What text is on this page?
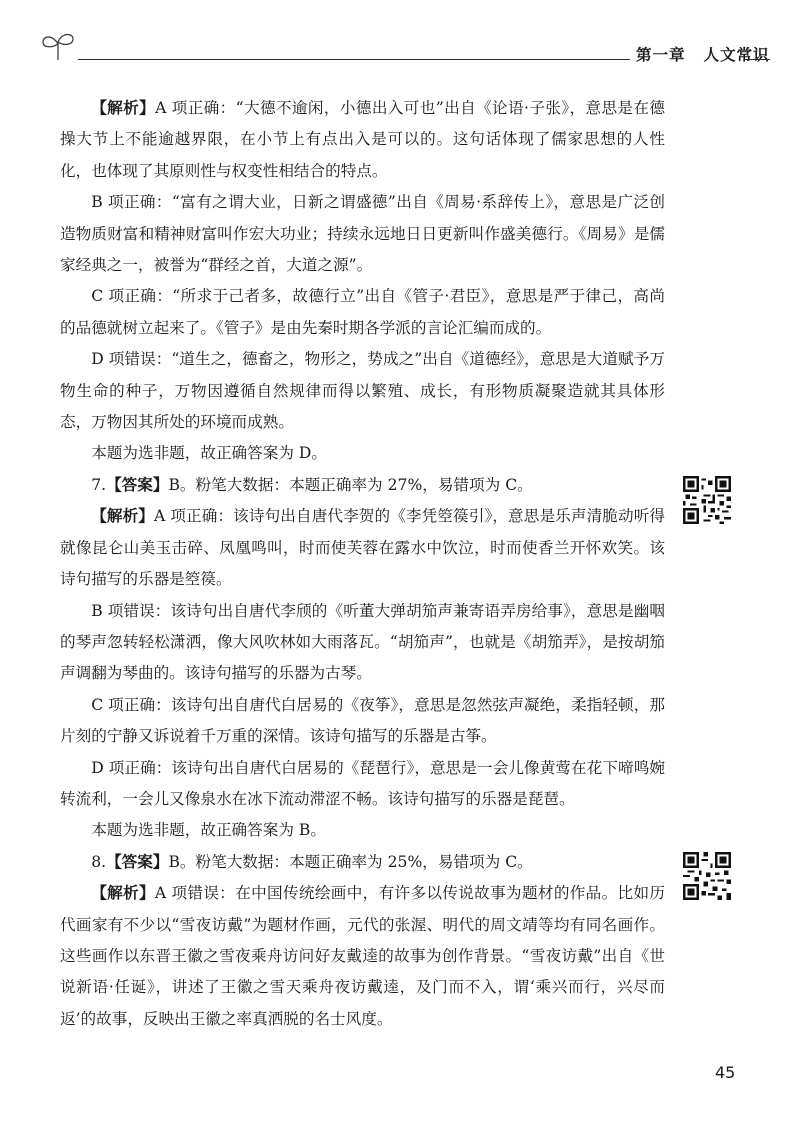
第一章 人文常识

【解析】A 项正确：“大德不逾闲，小德出入可也”出自《论语·子张》，意思是在德操大节上不能逾越界限，在小节上有点出入是可以的。这句话体现了儒家思想的人性化，也体现了其原则性与权变性相结合的特点。

B 项正确：“富有之谓大业，日新之谓盛德”出自《周易·系辞传上》，意思是广泛创造物质财富和精神财富叫作宏大功业；持续永远地日日更新叫作盛美德行。《周易》是儒家经典之一，被誉为“群经之首，大道之源”。

C 项正确：“所求于己者多，故德行立”出自《管子·君臣》，意思是严于律己，高尚的品德就树立起来了。《管子》是由先秦时期各学派的言论汇编而成的。

D 项错误：“道生之，德畜之，物形之，势成之”出自《道德经》，意思是大道赋予万物生命的种子，万物因遵循自然规律而得以繁殖、成长，有形物质凝聚造就其具体形态，万物因其所处的环境而成熟。

本题为选非题，故正确答案为 D。

7.【答案】B。粉笔大数据：本题正确率为 27%，易错项为 C。

【解析】A 项正确：该诗句出自唐代李贺的《李凭箜篌引》，意思是乐声清脆动听得就像昆仑山美玉击碎、凤凰鸣叫，时而使芙蓉在露水中饮泣，时而使香兰开怀欢笑。该诗句描写的乐器是箜篌。

B 项错误：该诗句出自唐代李颀的《听董大弹胡笳声兼寄语弄房给事》，意思是幽咽的琴声忽转轻松潇洒，像大风吹林如大雨落瓦。“胡笳声”，也就是《胡笳弄》，是按胡笳声调翻为琴曲的。该诗句描写的乐器为古琴。

C 项正确：该诗句出自唐代白居易的《夜筝》，意思是忽然弦声凝绝，柔指轻顿，那片刻的宁静又诉说着千万重的深情。该诗句描写的乐器是古筝。

D 项正确：该诗句出自唐代白居易的《琵琶行》，意思是一会儿像黄莺在花下啼鸣婉转流利，一会儿又像泉水在冰下流动滞涩不畅。该诗句描写的乐器是琵琶。

本题为选非题，故正确答案为 B。

8.【答案】B。粉笔大数据：本题正确率为 25%，易错项为 C。

【解析】A 项错误：在中国传统绘画中，有许多以传说故事为题材的作品。比如历代画家有不少以“雪夜访戴”为题材作画，元代的张渥、明代的周文靖等均有同名画作。这些画作以东晋王徽之雪夜乘舟访问好友戴逵的故事为创作背景。“雪夜访戴”出自《世说新语·任诞》，讲述了王徽之雪天乘舟夜访戴逵，及门而不入，谓‘乘兴而行，兴尽而返’的故事，反映出王徽之率真洒脱的名士风度。

45
